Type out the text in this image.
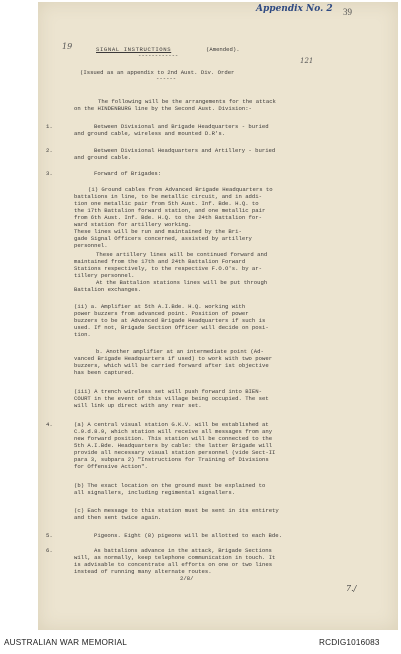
Appendix No. 2 39
19
121
SIGNAL INSTRUCTIONS	(Amended).
------------
(Issued as an appendix to 2nd Aust. Div. Order
------
The following will be the arrangements for the attack
on the HINDENBURG line by the Second Aust. Division:-
1.	Between Divisional and Brigade Headquarters - buried
and ground cable, wireless and mounted D.R's.
2.	Between Divisional Headquarters and Artillery - buried
and ground cable.
3.	Forward of Brigades:
(i) Ground cables from Advanced Brigade Headquarters to
battalions in line, to be metallic circuit, and in addi-
tion one metallic pair from 5th Aust. Inf. Bde. H.Q. to
the 17th Battalion forward station, and one metallic pair
from 6th Aust. Inf. Bde. H.Q. to the 24th Battalion for-
ward station for artillery working.
These lines will be run and maintained by the Bri-
gade Signal Officers concerned, assisted by artillery
personnel.
These artillery lines will be continued forward and
maintained from the 17th and 24th Battalion Forward
Stations respectively, to the respective F.O.O's. by ar-
tillery personnel.
At the Battalion stations lines will be put through
Battalion exchanges.
(ii) a. Amplifier at 5th A.I.Bde. H.Q. working with
power buzzers from advanced point. Position of power
buzzers to be at Advanced Brigade Headquarters if such is
used. If not, Brigade Section Officer will decide on posi-
tion.
b. Another amplifier at an intermediate point (Ad-
vanced Brigade Headquarters if used) to work with two power
buzzers, which will be carried forward after 1st objective
has been captured.
(iii) A trench wireless set will push forward into BIEN-
COURT in the event of this village being occupied. The set
will link up direct with any rear set.
4.	(a) A central visual station G.K.V. will be established at
C.9.d.8.9, which station will receive all messages from any
new forward position. This station will be connected to the
5th A.I.Bde. Headquarters by cable: the latter Brigade will
provide all necessary visual station personnel (vide Sect-II
para 3, subpara 2) "Instructions for Training of Divisions
for Offensive Action".
(b) The exact location on the ground must be explained to
all signallers, including regimental signallers.
(c) Each message to this station must be sent in its entirety
and then sent twice again.
5.	Pigeons. Eight (8) pigeons will be allotted to each Bde.
6.	As battalions advance in the attack, Brigade Sections
will, as normally, keep telephone communication in touch. It
is advisable to concentrate all efforts on one or two lines
instead of running many alternate routes.
2/8/
7./
AUSTRALIAN WAR MEMORIAL	RCDIG1016083
